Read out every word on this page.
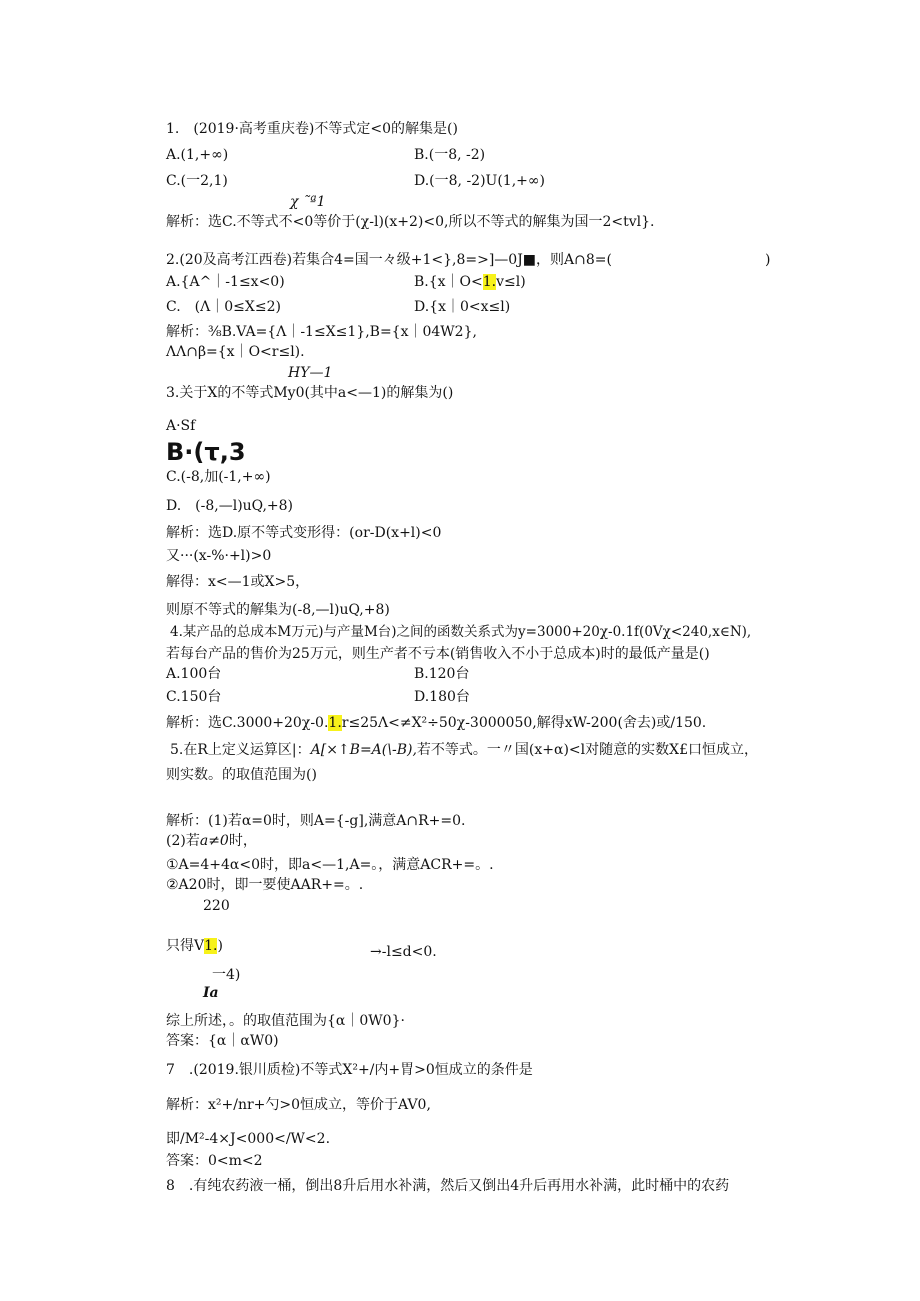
1.　(2019·高考重庆卷)不等式定<0的解集是()
A.(1,+∞)	B.(一8, -2)
C.(一2,1)	D.(一8, -2)U(1,+∞)
χ ˜ª1
解析：选C.不等式不<0等价于(χ-l)(x+2)<0,所以不等式的解集为国一2<tvl}.
2.(20及高考江西卷)若集合4=国一々级+1<},8=>]—0J■，则A∩8=(	)
A.{A^｜-1≤x<0)	B.{x｜O<1.v≤l)
C.　(Λ｜0≤X≤2)	D.{x｜0<x≤l)
解析：⅜B.VA={Λ｜-1≤X≤1},B={x｜04W2},
ΛΛ∩β={x｜O<r≤l).
HY—1
3.关于X的不等式My0(其中a<—1)的解集为()
A·Sf
B·(τ,3
C.(-8,加(-1,+∞)
D.　(-8,—l)uQ,+8)
解析：选D.原不等式变形得：(or-D(x+l)<0
又···(x-%·+l)>0
解得：x<—1或X>5，
则原不等式的解集为(-8,—l)uQ,+8)
4.某产品的总成本M万元)与产量M台)之间的函数关系式为y=3000+20χ-0.1f(0Vχ<240,x∈N),
若每台产品的售价为25万元，则生产者不亏本(销售收入不小于总成本)时的最低产量是()
A.100台	B.120台
C.150台	D.180台
解析：选C.3000+20χ-0.1.r≤25Λ<≠X²÷50χ-3000050,解得xW-200(舍去)或/150.
5.在R上定义运算区|：A[×↑B=A(\-B),若不等式。一〃国(x+α)<l对随意的实数X£口恒成立，
则实数。的取值范围为()
解析：(1)若α=0时，则A={-g],满意A∩R+=0.
(2)若a≠0时，
①A=4+4α<0时，即a<—1,A=。，满意ACR+=。.
②A20时，即一要使AAR+=。.
220
只得V1.)	→-l≤d<0.
一4)
Ia
综上所述，。的取值范围为{α｜0W0}·
答案：{α｜αW0)
7　.(2019.银川质检)不等式X²+/内+胃>0恒成立的条件是
解析：x²+/nr+勺>0恒成立，等价于AV0,
即/M²-4×J<000</W<2.
答案：0<m<2
8　.有纯农药液一桶，倒出8升后用水补满，然后又倒出4升后再用水补满，此时桶中的农药
